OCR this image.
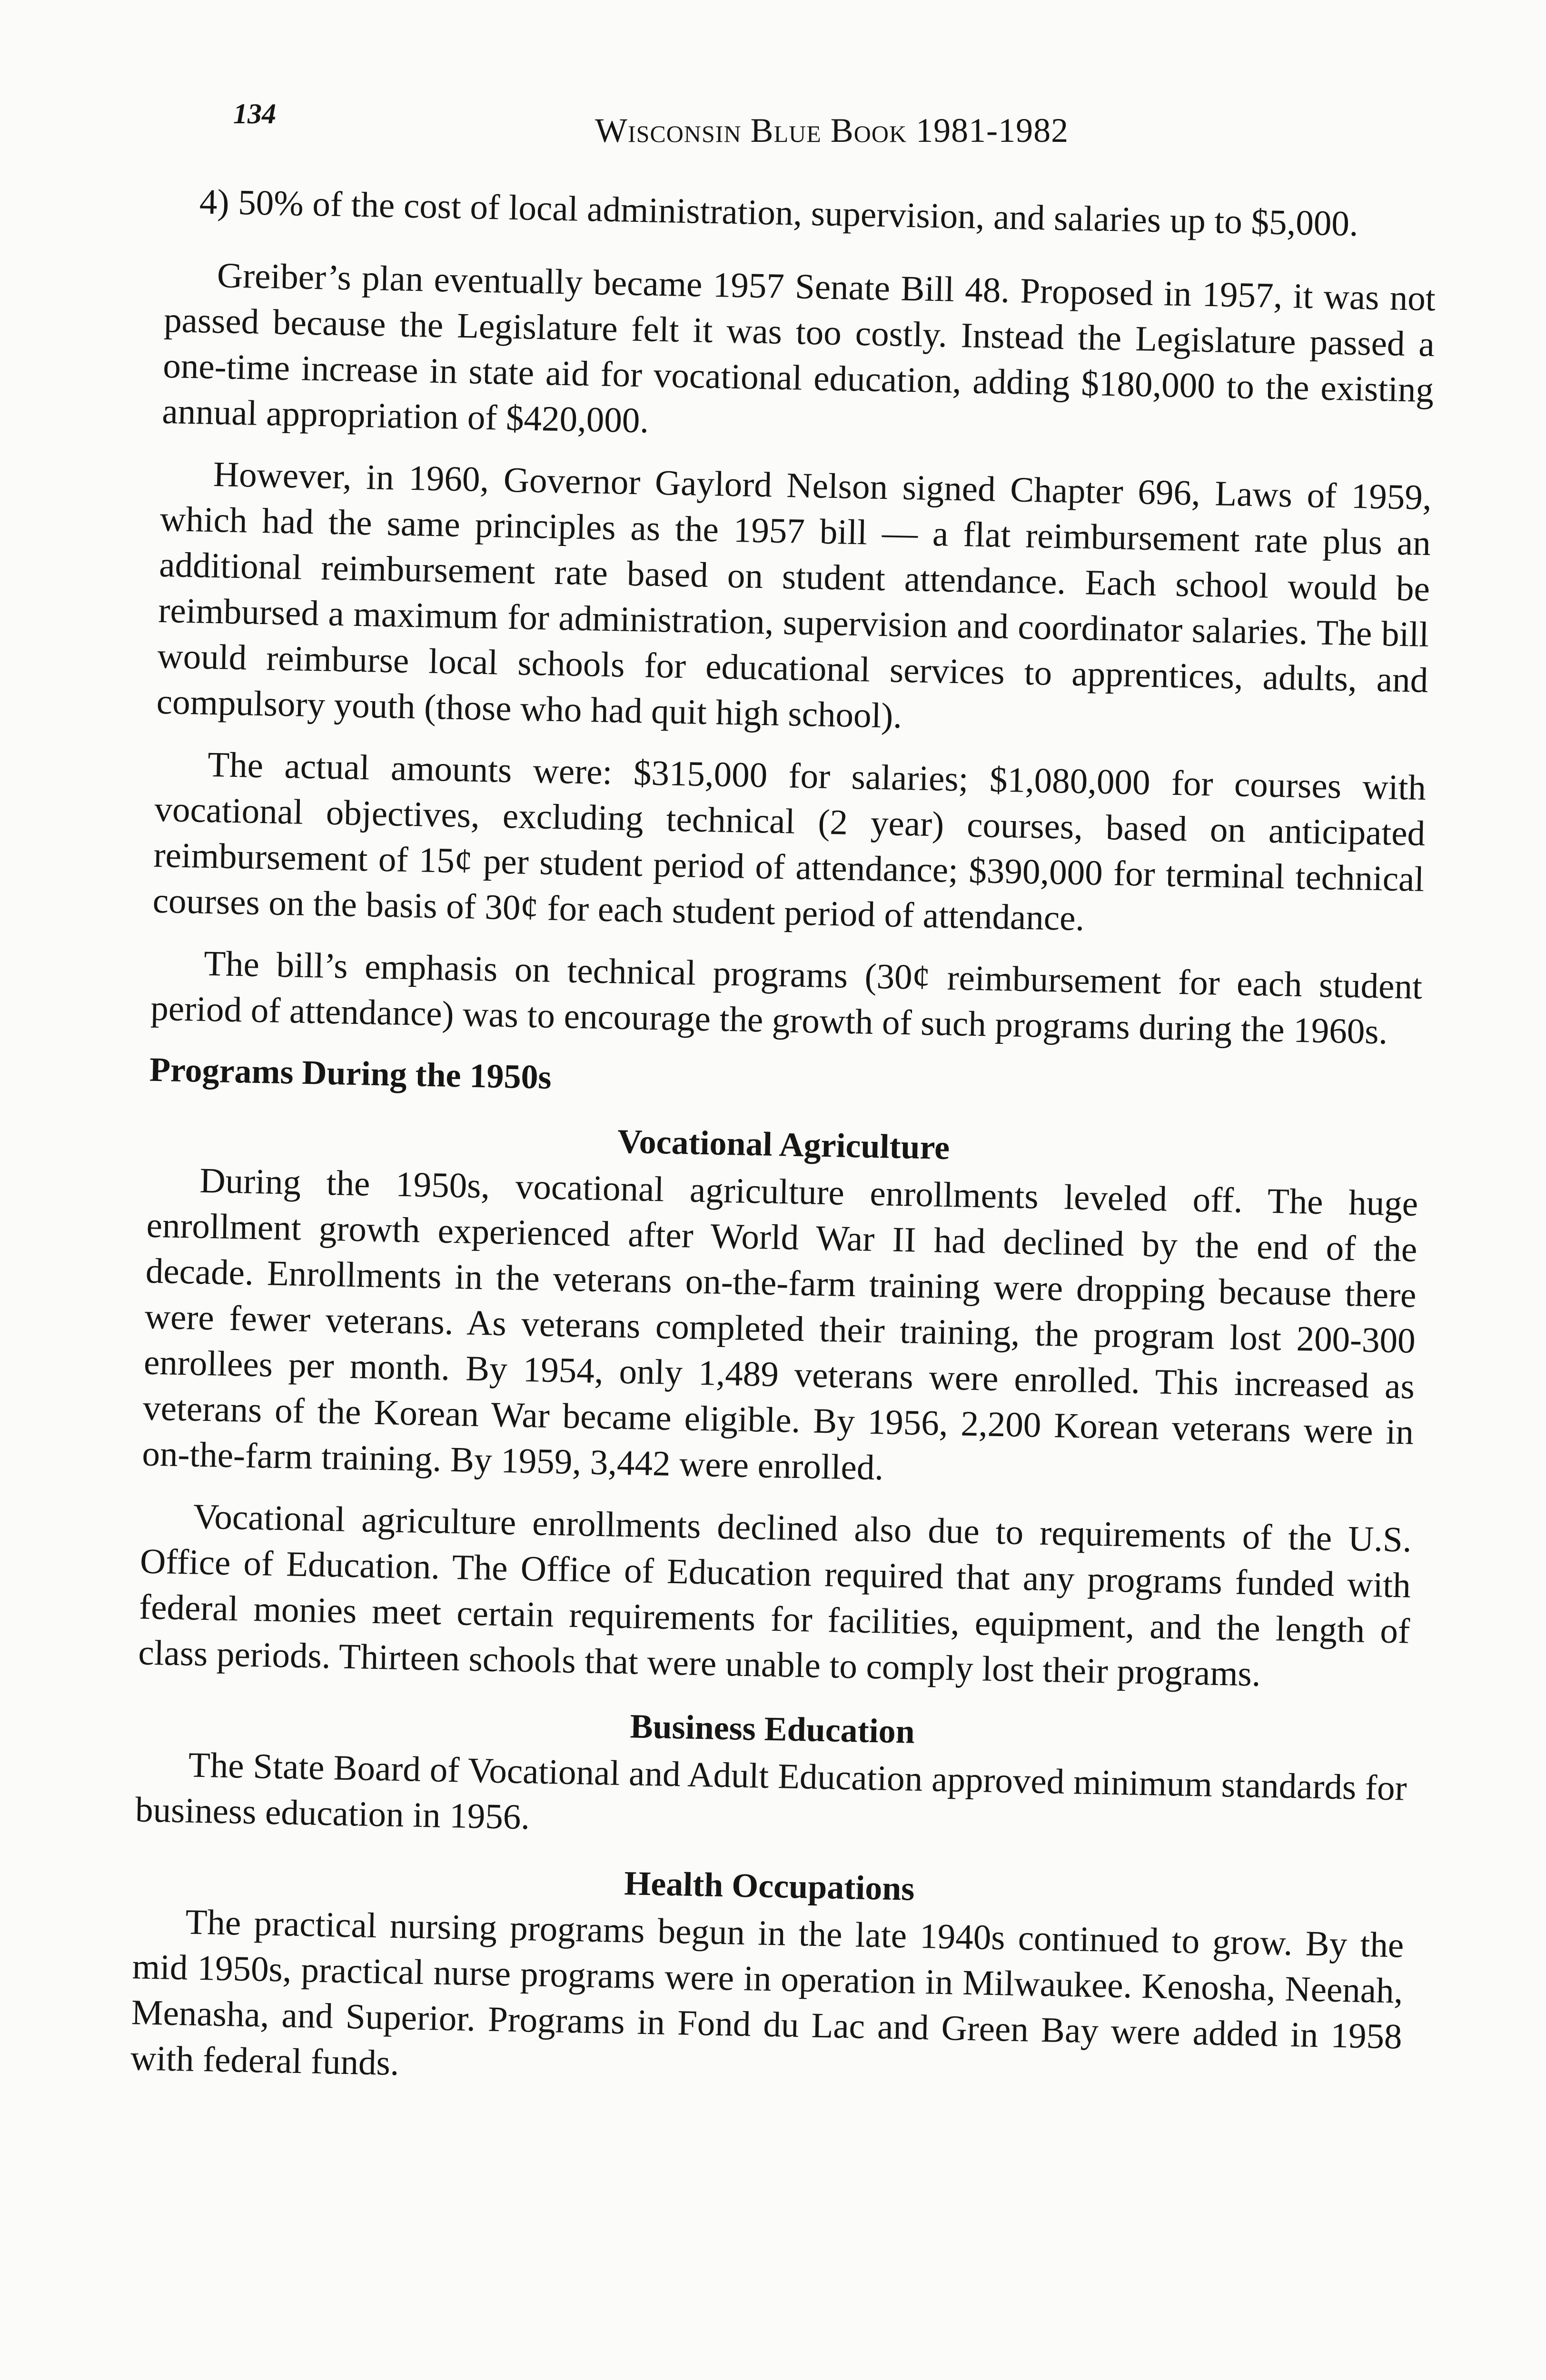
134	Wisconsin Blue Book 1981-1982

4) 50% of the cost of local administration, supervision, and salaries up to $5,000.

Greiber’s plan eventually became 1957 Senate Bill 48. Proposed in 1957, it was not passed because the Legislature felt it was too costly. Instead the Legislature passed a one-time increase in state aid for vocational education, adding $180,000 to the existing annual appropriation of $420,000.

However, in 1960, Governor Gaylord Nelson signed Chapter 696, Laws of 1959, which had the same principles as the 1957 bill — a flat reimbursement rate plus an additional reimbursement rate based on student attendance. Each school would be reimbursed a maximum for administration, supervision and coordinator salaries. The bill would reimburse local schools for educational services to apprentices, adults, and compulsory youth (those who had quit high school).

The actual amounts were: $315,000 for salaries; $1,080,000 for courses with vocational objectives, excluding technical (2 year) courses, based on anticipated reimbursement of 15¢ per student period of attendance; $390,000 for terminal technical courses on the basis of 30¢ for each student period of attendance.

The bill’s emphasis on technical programs (30¢ reimbursement for each student period of attendance) was to encourage the growth of such programs during the 1960s.

Programs During the 1950s
Vocational Agriculture

During the 1950s, vocational agriculture enrollments leveled off. The huge enrollment growth experienced after World War II had declined by the end of the decade. Enrollments in the veterans on-the-farm training were dropping because there were fewer veterans. As veterans completed their training, the program lost 200-300 enrollees per month. By 1954, only 1,489 veterans were enrolled. This increased as veterans of the Korean War became eligible. By 1956, 2,200 Korean veterans were in on-the-farm training. By 1959, 3,442 were enrolled.

Vocational agriculture enrollments declined also due to requirements of the U.S. Office of Education. The Office of Education required that any programs funded with federal monies meet certain requirements for facilities, equipment, and the length of class periods. Thirteen schools that were unable to comply lost their programs.

Business Education

The State Board of Vocational and Adult Education approved minimum standards for business education in 1956.

Health Occupations

The practical nursing programs begun in the late 1940s continued to grow. By the mid 1950s, practical nurse programs were in operation in Milwaukee. Kenosha, Neenah, Menasha, and Superior. Programs in Fond du Lac and Green Bay were added in 1958 with federal funds.
